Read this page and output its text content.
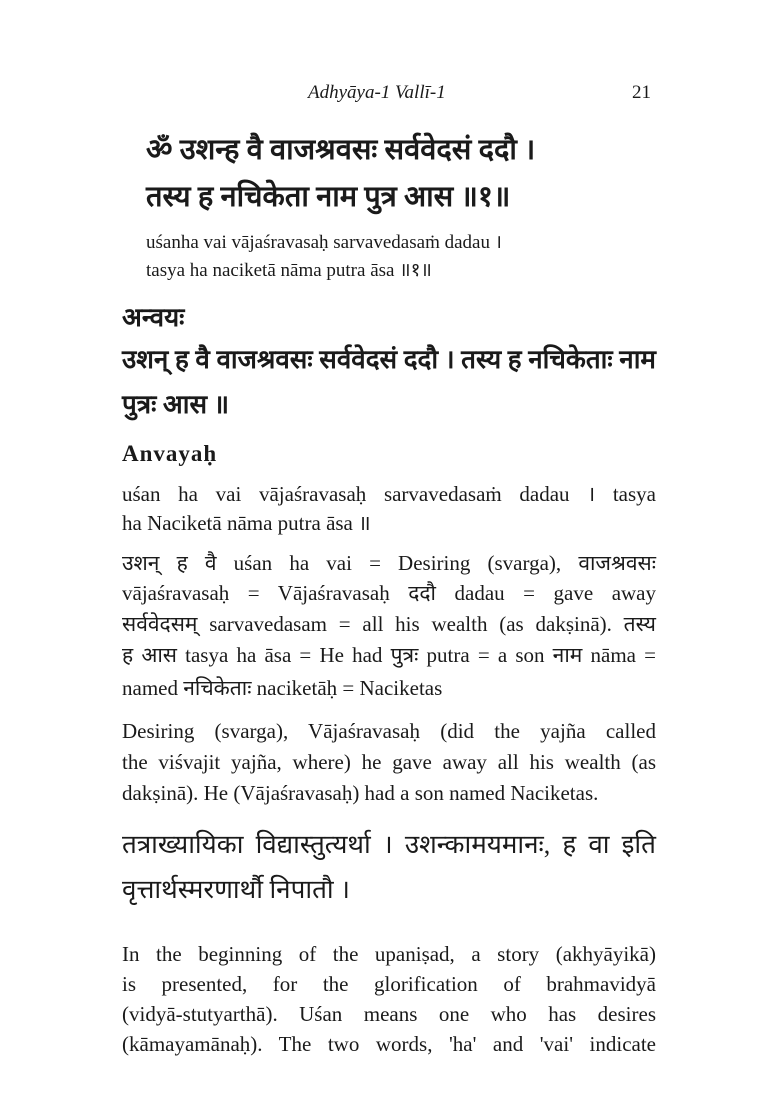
Adhyāya-1 Vallī-1	21
ॐ उशन्ह वै वाजश्रवसः सर्ववेदसं ददौ ।
तस्य ह नचिकेता नाम पुत्र आस ॥१॥
uśanha vai vājaśravasaḥ sarvavedasaṁ dadau ।
tasya ha naciketā nāma putra āsa ॥१॥
अन्वयः
उशन् ह वै वाजश्रवसः सर्ववेदसं ददौ । तस्य ह नचिकेताः नाम
पुत्रः आस ॥
Anvayaḥ
uśan ha vai vājaśravasaḥ sarvavedasaṁ dadau । tasya
ha Naciketā nāma putra āsa ॥
उशन् ह वै uśan ha vai = Desiring (svarga), वाजश्रवसः
vājaśravasaḥ = Vājaśravasaḥ ददौ dadau = gave away
सर्ववेदसम् sarvavedasam = all his wealth (as dakṣinā). तस्य
ह आस tasya ha āsa = He had पुत्रः putra = a son नाम nāma =
named नचिकेताः naciketāḥ = Naciketas
Desiring (svarga), Vājaśravasaḥ (did the yajña called
the viśvajit yajña, where) he gave away all his wealth (as
dakṣinā). He (Vājaśravasaḥ) had a son named Naciketas.
तत्राख्यायिका विद्यास्तुत्यर्था । उशन्कामयमानः, ह वा इति
वृत्तार्थस्मरणार्थौ निपातौ ।
In the beginning of the upaniṣad, a story (akhyāyikā)
is presented, for the glorification of brahmavidyā
(vidyā-stutyarthā). Uśan means one who has desires
(kāmayamānaḥ). The two words, 'ha' and 'vai' indicate
